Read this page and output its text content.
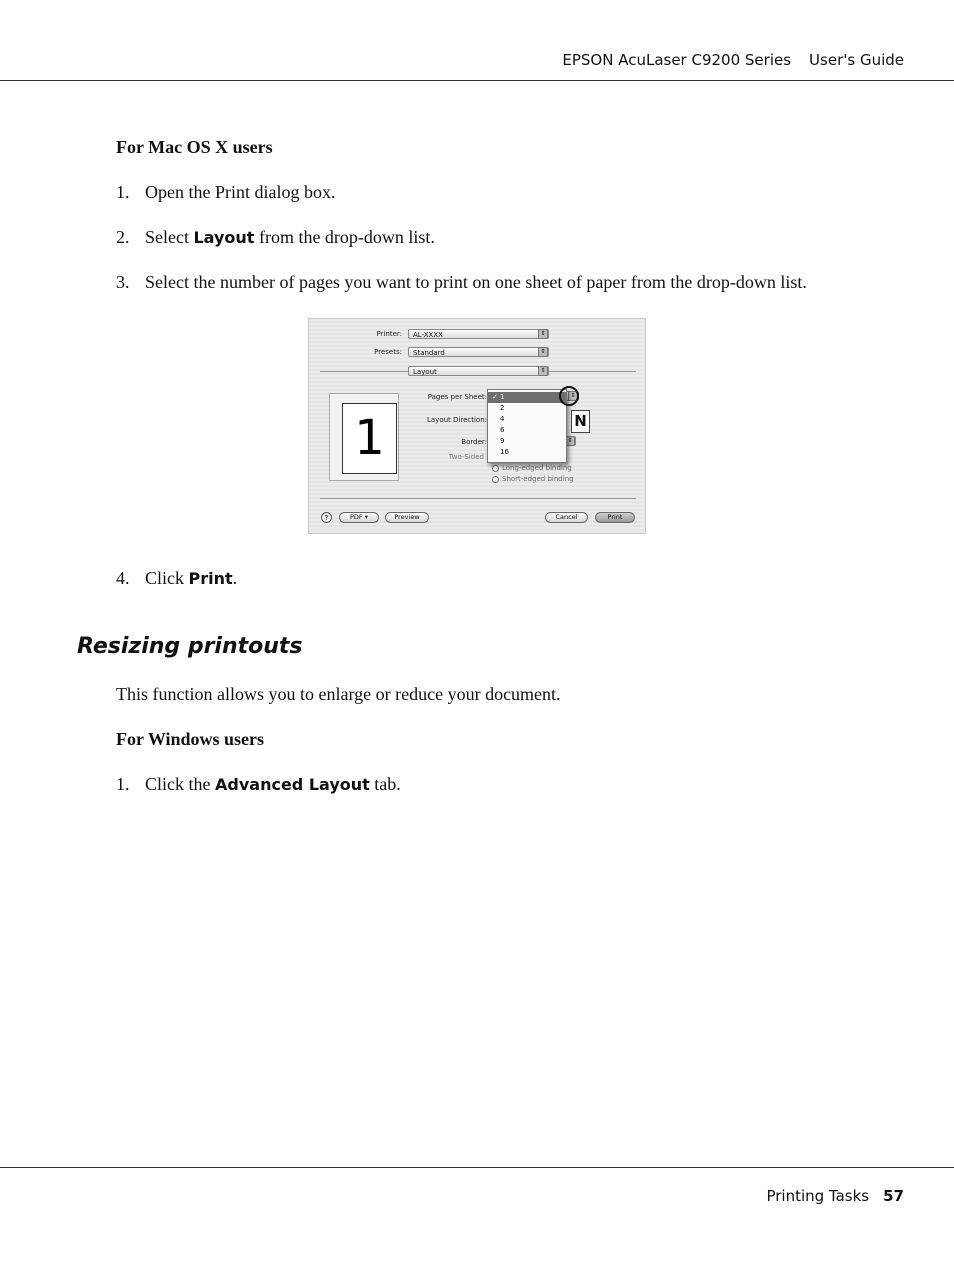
EPSON AcuLaser C9200 Series User's Guide
For Mac OS X users
1. Open the Print dialog box.
2. Select Layout from the drop-down list.
3. Select the number of pages you want to print on one sheet of paper from the drop-down list.
Printer:	AL-XXXX	⇕
Presets:	Standard	⇕
Layout	⇕
1
Pages per Sheet:
Layout Direction:
Border:
Two-Sided
N
⇕
Long-edged binding
Short-edged binding
⇕
✓ 1
2
4
6
9
16
?	PDF ▾	Preview	Cancel	Print
4. Click Print.
Resizing printouts
This function allows you to enlarge or reduce your document.
For Windows users
1. Click the Advanced Layout tab.
Printing Tasks 57
